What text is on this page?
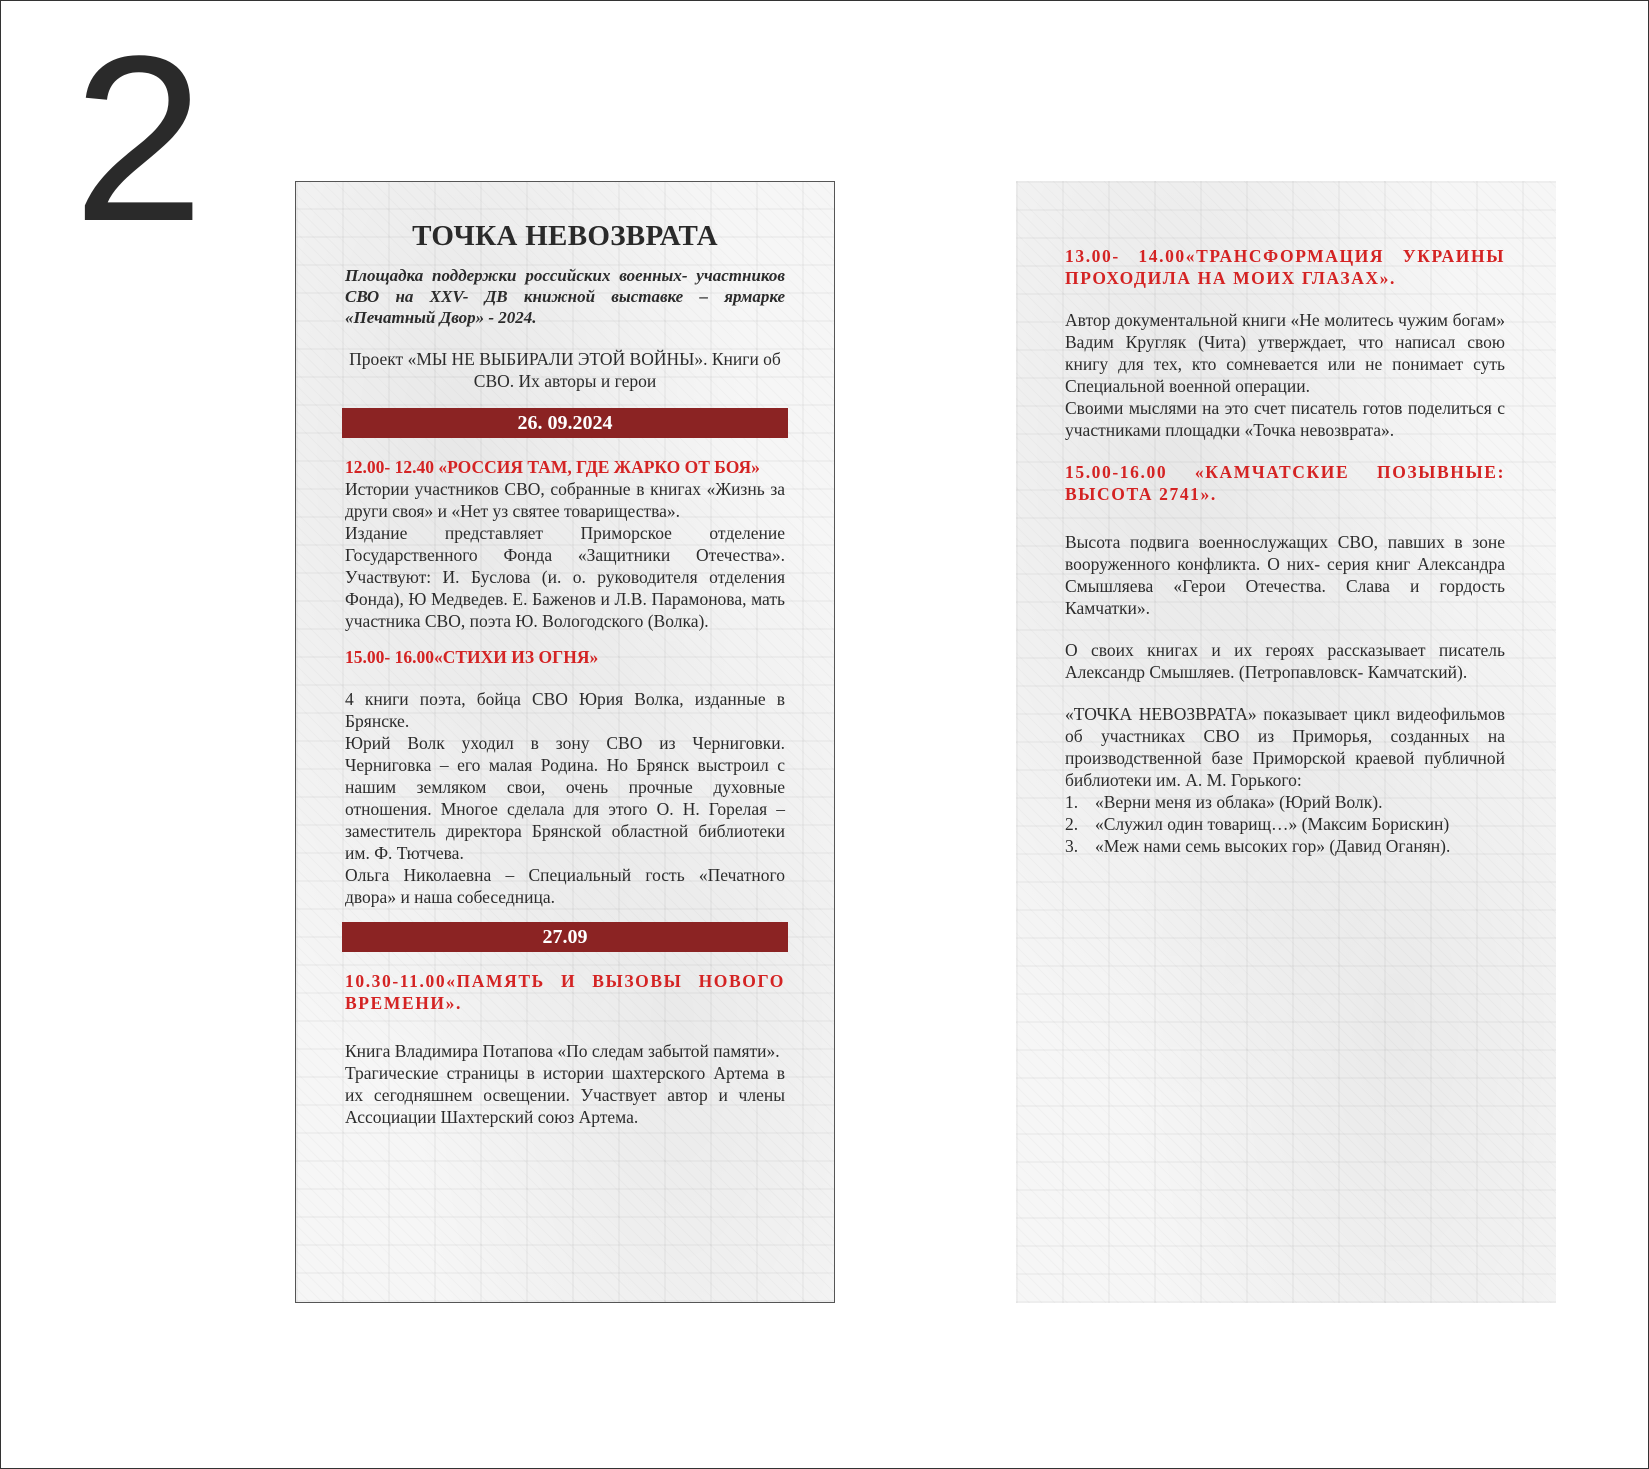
2	ТОЧКА НЕВОЗВРАТА
Площадка поддержки российских военных- участников СВО на XXV- ДВ книжной выставке – ярмарке «Печатный Двор» - 2024.
Проект «МЫ НЕ ВЫБИРАЛИ ЭТОЙ ВОЙНЫ». Книги об СВО. Их авторы и герои
26. 09.2024
12.00- 12.40 «РОССИЯ ТАМ, ГДЕ ЖАРКО ОТ БОЯ»

Истории участников СВО, собранные в книгах «Жизнь за други своя» и «Нет уз святее товарищества».

Издание представляет Приморское отделение Государственного Фонда «Защитники Отечества». Участвуют: И. Буслова (и. о. руководителя отделения Фонда), Ю Медведев. Е. Баженов и Л.В. Парамонова, мать участника СВО, поэта Ю. Вологодского (Волка).

15.00- 16.00«СТИХИ ИЗ ОГНЯ»

4 книги поэта, бойца СВО Юрия Волка, изданные в Брянске.

Юрий Волк уходил в зону СВО из Черниговки. Черниговка – его малая Родина. Но Брянск выстроил с нашим земляком свои, очень прочные духовные отношения. Многое сделала для этого О. Н. Горелая – заместитель директора Брянской областной библиотеки им. Ф. Тютчева.

Ольга Николаевна – Специальный гость «Печатного двора» и наша собеседница.

27.09
10.30-11.00«ПАМЯТЬ И ВЫЗОВЫ НОВОГО ВРЕМЕНИ».

Книга Владимира Потапова «По следам забытой памяти».

Трагические страницы в истории шахтерского Артема в их сегодняшнем освещении. Участвует автор и члены Ассоциации Шахтерский союз Артема.

13.00- 14.00«ТРАНСФОРМАЦИЯ УКРАИНЫ ПРОХОДИЛА НА МОИХ ГЛАЗАХ».

Автор документальной книги «Не молитесь чужим богам» Вадим Кругляк (Чита) утверждает, что написал свою книгу для тех, кто сомневается или не понимает суть Специальной военной операции.

Своими мыслями на это счет писатель готов поделиться с участниками площадки «Точка невозврата».

15.00-16.00 «КАМЧАТСКИЕ ПОЗЫВНЫЕ: ВЫСОТА 2741».

Высота подвига военнослужащих СВО, павших в зоне вооруженного конфликта. О них- серия книг Александра Смышляева «Герои Отечества. Слава и гордость Камчатки».

О своих книгах и их героях рассказывает писатель Александр Смышляев. (Петропавловск- Камчатский).

«ТОЧКА НЕВОЗВРАТА» показывает цикл видеофильмов об участниках СВО из Приморья, созданных на производственной базе Приморской краевой публичной библиотеки им. А. М. Горького:

1. «Верни меня из облака» (Юрий Волк).
2. «Служил один товарищ…» (Максим Борискин)
3. «Меж нами семь высоких гор» (Давид Оганян).
